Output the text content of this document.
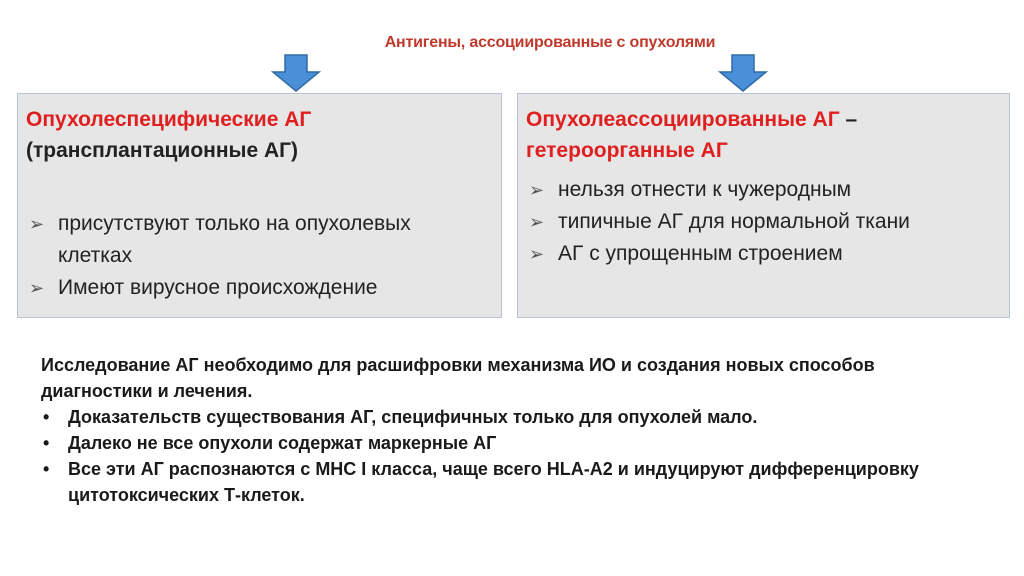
Антигены, ассоциированные с опухолями
Опухолеспецифические АГ
(трансплантационные АГ)
➢ присутствуют только на опухолевых клетках
➢ Имеют вирусное происхождение
Опухолеассоциированные АГ –
гетероорганные АГ
➢ нельзя отнести к чужеродным
➢ типичные АГ для нормальной ткани
➢ АГ с упрощенным строением
Исследование АГ необходимо для расшифровки механизма ИО и создания новых способов диагностики и лечения.
• Доказательств существования АГ, специфичных только для опухолей мало.
• Далеко не все опухоли содержат маркерные АГ
• Все эти АГ распознаются с МНС I класса, чаще всего HLA-A2 и индуцируют дифференцировку цитотоксических Т-клеток.
